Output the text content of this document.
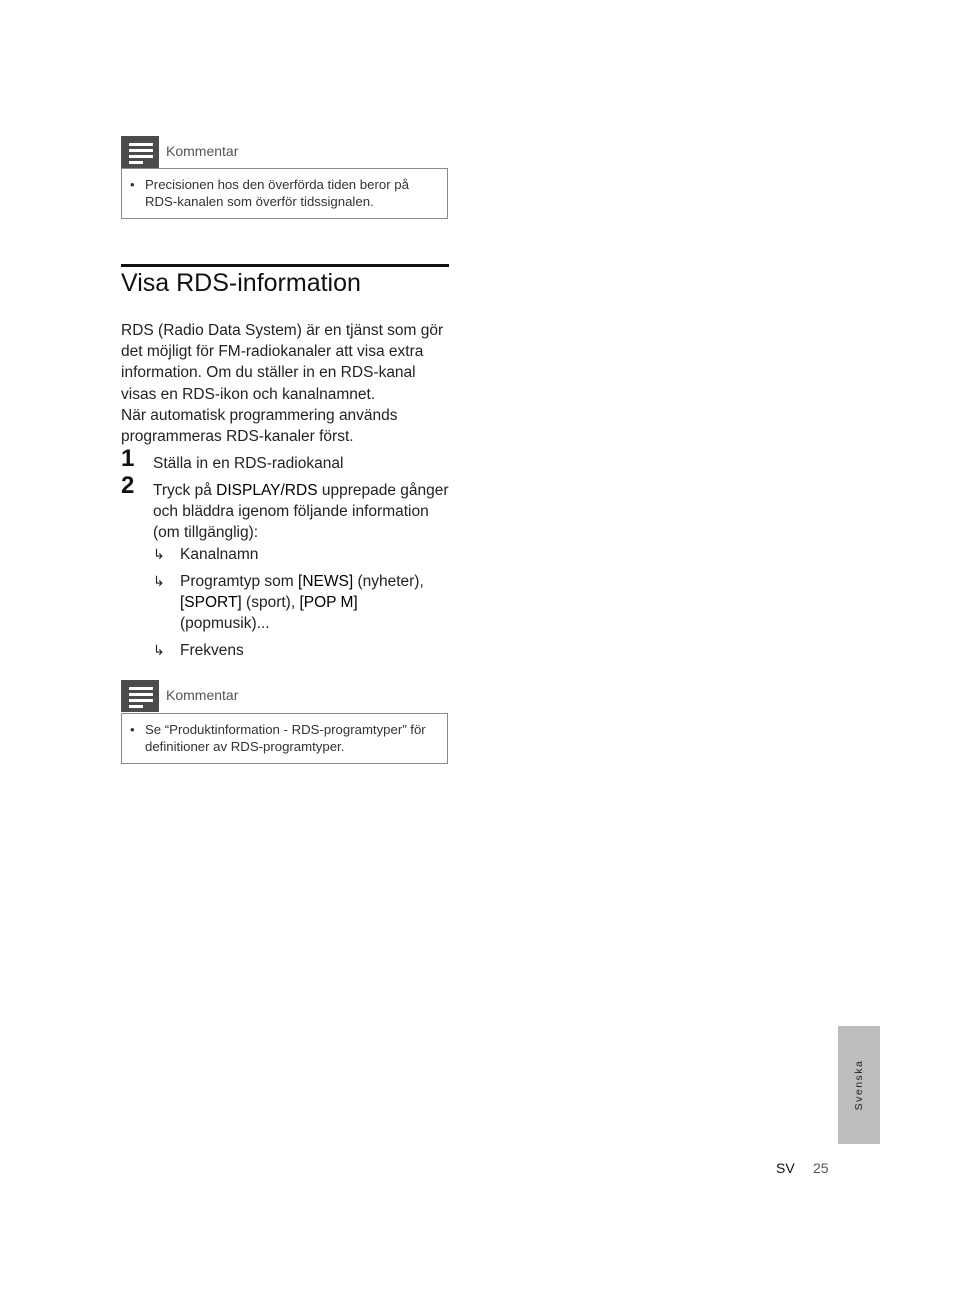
Kommentar
• Precisionen hos den överförda tiden beror på RDS-kanalen som överför tidssignalen.
Visa RDS-information

RDS (Radio Data System) är en tjänst som gör det möjligt för FM-radiokanaler att visa extra information. Om du ställer in en RDS-kanal visas en RDS-ikon och kanalnamnet.

När automatisk programmering används programmeras RDS-kanaler först.

1 Ställa in en RDS-radiokanal
2 Tryck på DISPLAY/RDS upprepade gånger och bläddra igenom följande information (om tillgänglig):
↳ Kanalnamn
↳ Programtyp som [NEWS] (nyheter), [SPORT] (sport), [POP M] (popmusik)...
↳ Frekvens
Kommentar
• Se “Produktinformation - RDS-programtyper” för definitioner av RDS-programtyper.
Svenska
SV 25
